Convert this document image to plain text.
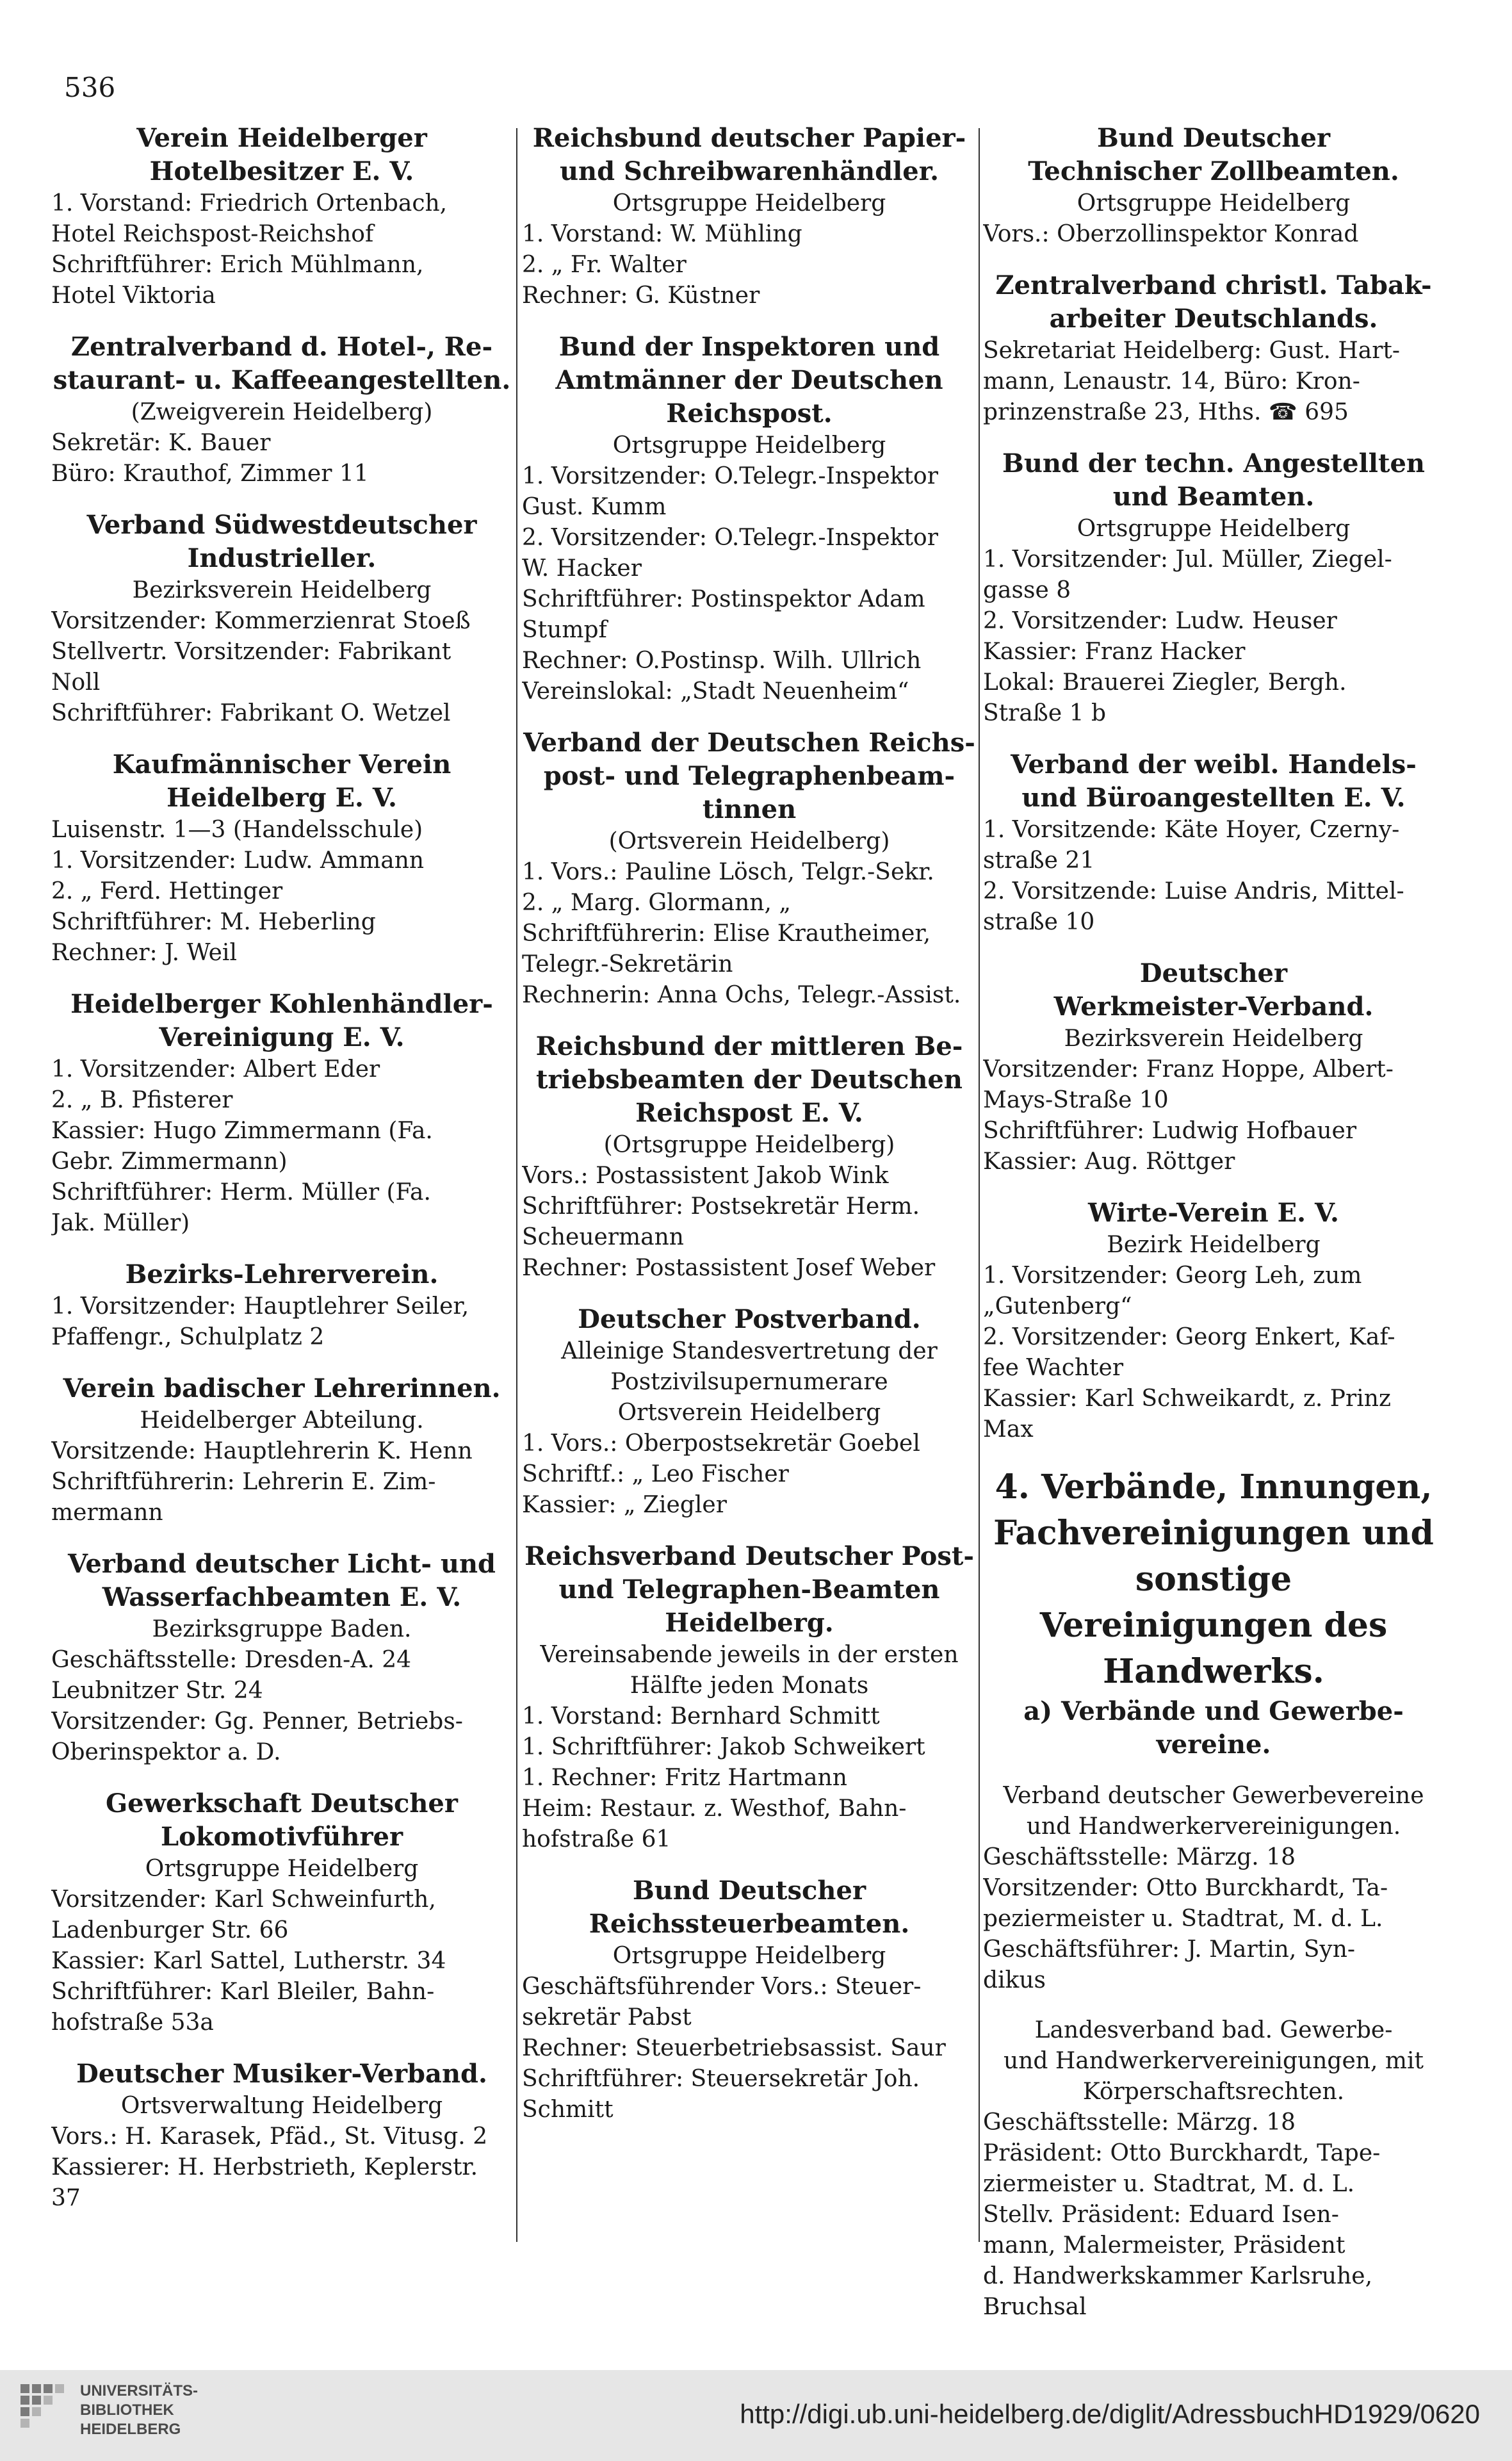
536
Verein Heidelberger
Hotelbesitzer E. V.
1. Vorstand: Friedrich Ortenbach,
Hotel Reichspost-Reichshof
Schriftführer: Erich Mühlmann,
Hotel Viktoria
Zentralverband d. Hotel-, Re-
staurant- u. Kaffeeangestellten.
(Zweigverein Heidelberg)
Sekretär: K. Bauer
Büro: Krauthof, Zimmer 11
Verband Südwestdeutscher
Industrieller.
Bezirksverein Heidelberg
Vorsitzender: Kommerzienrat Stoeß
Stellvertr. Vorsitzender: Fabrikant
Noll
Schriftführer: Fabrikant O. Wetzel
Kaufmännischer Verein
Heidelberg E. V.
Luisenstr. 1—3 (Handelsschule)
1. Vorsitzender: Ludw. Ammann
2. „ Ferd. Hettinger
Schriftführer: M. Heberling
Rechner: J. Weil
Heidelberger Kohlenhändler-
Vereinigung E. V.
1. Vorsitzender: Albert Eder
2. „ B. Pfisterer
Kassier: Hugo Zimmermann (Fa.
Gebr. Zimmermann)
Schriftführer: Herm. Müller (Fa.
Jak. Müller)
Bezirks-Lehrerverein.
1. Vorsitzender: Hauptlehrer Seiler,
Pfaffengr., Schulplatz 2
Verein badischer Lehrerinnen.
Heidelberger Abteilung.
Vorsitzende: Hauptlehrerin K. Henn
Schriftführerin: Lehrerin E. Zim-
mermann
Verband deutscher Licht- und
Wasserfachbeamten E. V.
Bezirksgruppe Baden.
Geschäftsstelle: Dresden-A. 24
Leubnitzer Str. 24
Vorsitzender: Gg. Penner, Betriebs-
Oberinspektor a. D.
Gewerkschaft Deutscher
Lokomotivführer
Ortsgruppe Heidelberg
Vorsitzender: Karl Schweinfurth,
Ladenburger Str. 66
Kassier: Karl Sattel, Lutherstr. 34
Schriftführer: Karl Bleiler, Bahn-
hofstraße 53a
Deutscher Musiker-Verband.
Ortsverwaltung Heidelberg
Vors.: H. Karasek, Pfäd., St. Vitusg. 2
Kassierer: H. Herbstrieth, Keplerstr. 37
Reichsbund deutscher Papier-
und Schreibwarenhändler.
Ortsgruppe Heidelberg
1. Vorstand: W. Mühling
2. „ Fr. Walter
Rechner: G. Küstner
Bund der Inspektoren und
Amtmänner der Deutschen
Reichspost.
Ortsgruppe Heidelberg
1. Vorsitzender: O.Telegr.-Inspektor
Gust. Kumm
2. Vorsitzender: O.Telegr.-Inspektor
W. Hacker
Schriftführer: Postinspektor Adam
Stumpf
Rechner: O.Postinsp. Wilh. Ullrich
Vereinslokal: „Stadt Neuenheim“
Verband der Deutschen Reichs-
post- und Telegraphenbeam-
tinnen
(Ortsverein Heidelberg)
1. Vors.: Pauline Lösch, Telgr.-Sekr.
2. „ Marg. Glormann, „
Schriftführerin: Elise Krautheimer,
Telegr.-Sekretärin
Rechnerin: Anna Ochs, Telegr.-Assist.
Reichsbund der mittleren Be-
triebsbeamten der Deutschen
Reichspost E. V.
(Ortsgruppe Heidelberg)
Vors.: Postassistent Jakob Wink
Schriftführer: Postsekretär Herm.
Scheuermann
Rechner: Postassistent Josef Weber
Deutscher Postverband.
Alleinige Standesvertretung der
Postzivilsupernumerare
Ortsverein Heidelberg
1. Vors.: Oberpostsekretär Goebel
Schriftf.: „ Leo Fischer
Kassier: „ Ziegler
Reichsverband Deutscher Post-
und Telegraphen-Beamten
Heidelberg.
Vereinsabende jeweils in der ersten
Hälfte jeden Monats
1. Vorstand: Bernhard Schmitt
1. Schriftführer: Jakob Schweikert
1. Rechner: Fritz Hartmann
Heim: Restaur. z. Westhof, Bahn-
hofstraße 61
Bund Deutscher
Reichssteuerbeamten.
Ortsgruppe Heidelberg
Geschäftsführender Vors.: Steuer-
sekretär Pabst
Rechner: Steuerbetriebsassist. Saur
Schriftführer: Steuersekretär Joh.
Schmitt
Bund Deutscher
Technischer Zollbeamten.
Ortsgruppe Heidelberg
Vors.: Oberzollinspektor Konrad
Zentralverband christl. Tabak-
arbeiter Deutschlands.
Sekretariat Heidelberg: Gust. Hart-
mann, Lenaustr. 14, Büro: Kron-
prinzenstraße 23, Hths. ☎ 695
Bund der techn. Angestellten
und Beamten.
Ortsgruppe Heidelberg
1. Vorsitzender: Jul. Müller, Ziegel-
gasse 8
2. Vorsitzender: Ludw. Heuser
Kassier: Franz Hacker
Lokal: Brauerei Ziegler, Bergh.
Straße 1 b
Verband der weibl. Handels-
und Büroangestellten E. V.
1. Vorsitzende: Käte Hoyer, Czerny-
straße 21
2. Vorsitzende: Luise Andris, Mittel-
straße 10
Deutscher
Werkmeister-Verband.
Bezirksverein Heidelberg
Vorsitzender: Franz Hoppe, Albert-
Mays-Straße 10
Schriftführer: Ludwig Hofbauer
Kassier: Aug. Röttger
Wirte-Verein E. V.
Bezirk Heidelberg
1. Vorsitzender: Georg Leh, zum
„Gutenberg“
2. Vorsitzender: Georg Enkert, Kaf-
fee Wachter
Kassier: Karl Schweikardt, z. Prinz
Max
4. Verbände, Innungen,
Fachvereinigungen und sonstige
Vereinigungen des Handwerks.
a) Verbände und Gewerbe-
vereine.
Verband deutscher Gewerbevereine
und Handwerkervereinigungen.
Geschäftsstelle: Märzg. 18
Vorsitzender: Otto Burckhardt, Ta-
peziermeister u. Stadtrat, M. d. L.
Geschäftsführer: J. Martin, Syn-
dikus
Landesverband bad. Gewerbe-
und Handwerkervereinigungen, mit
Körperschaftsrechten.
Geschäftsstelle: Märzg. 18
Präsident: Otto Burckhardt, Tape-
ziermeister u. Stadtrat, M. d. L.
Stellv. Präsident: Eduard Isen-
mann, Malermeister, Präsident
d. Handwerkskammer Karlsruhe,
Bruchsal
UNIVERSITÄTS-
BIBLIOTHEK
HEIDELBERG
http://digi.ub.uni-heidelberg.de/diglit/AdressbuchHD1929/0620
